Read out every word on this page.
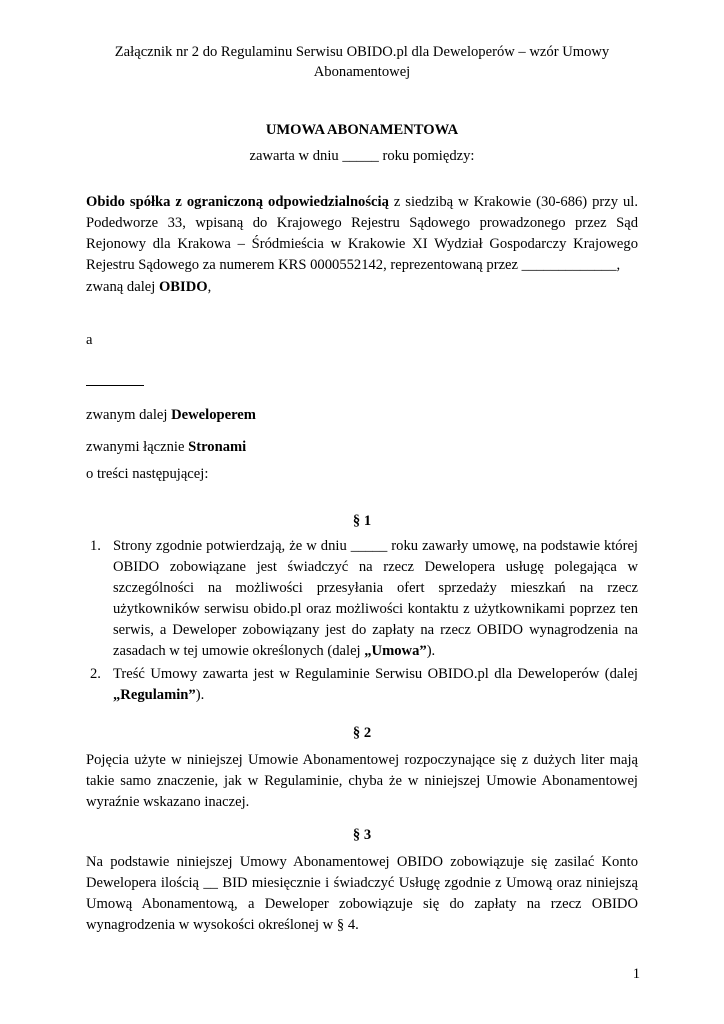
Załącznik nr 2 do Regulaminu Serwisu OBIDO.pl dla Deweloperów – wzór Umowy Abonamentowej
UMOWA ABONAMENTOWA
zawarta w dniu _____ roku pomiędzy:
Obido spółka z ograniczoną odpowiedzialnością z siedzibą w Krakowie (30-686) przy ul. Podedworze 33, wpisaną do Krajowego Rejestru Sądowego prowadzonego przez Sąd Rejonowy dla Krakowa – Śródmieścia w Krakowie XI Wydział Gospodarczy Krajowego Rejestru Sądowego za numerem KRS 0000552142, reprezentowaną przez _____________,
zwaną dalej OBIDO,
a
zwanym dalej Deweloperem
zwanymi łącznie Stronami
o treści następującej:
§ 1
1. Strony zgodnie potwierdzają, że w dniu _____ roku zawarły umowę, na podstawie której OBIDO zobowiązane jest świadczyć na rzecz Dewelopera usługę polegająca w szczególności na możliwości przesyłania ofert sprzedaży mieszkań na rzecz użytkowników serwisu obido.pl oraz możliwości kontaktu z użytkownikami poprzez ten serwis, a Deweloper zobowiązany jest do zapłaty na rzecz OBIDO wynagrodzenia na zasadach w tej umowie określonych (dalej „Umowa”).
2. Treść Umowy zawarta jest w Regulaminie Serwisu OBIDO.pl dla Deweloperów (dalej „Regulamin”).
§ 2
Pojęcia użyte w niniejszej Umowie Abonamentowej rozpoczynające się z dużych liter mają takie samo znaczenie, jak w Regulaminie, chyba że w niniejszej Umowie Abonamentowej wyraźnie wskazano inaczej.
§ 3
Na podstawie niniejszej Umowy Abonamentowej OBIDO zobowiązuje się zasilać Konto Dewelopera ilością __ BID miesięcznie i świadczyć Usługę zgodnie z Umową oraz niniejszą Umową Abonamentową, a Deweloper zobowiązuje się do zapłaty na rzecz OBIDO wynagrodzenia w wysokości określonej w § 4.
1
